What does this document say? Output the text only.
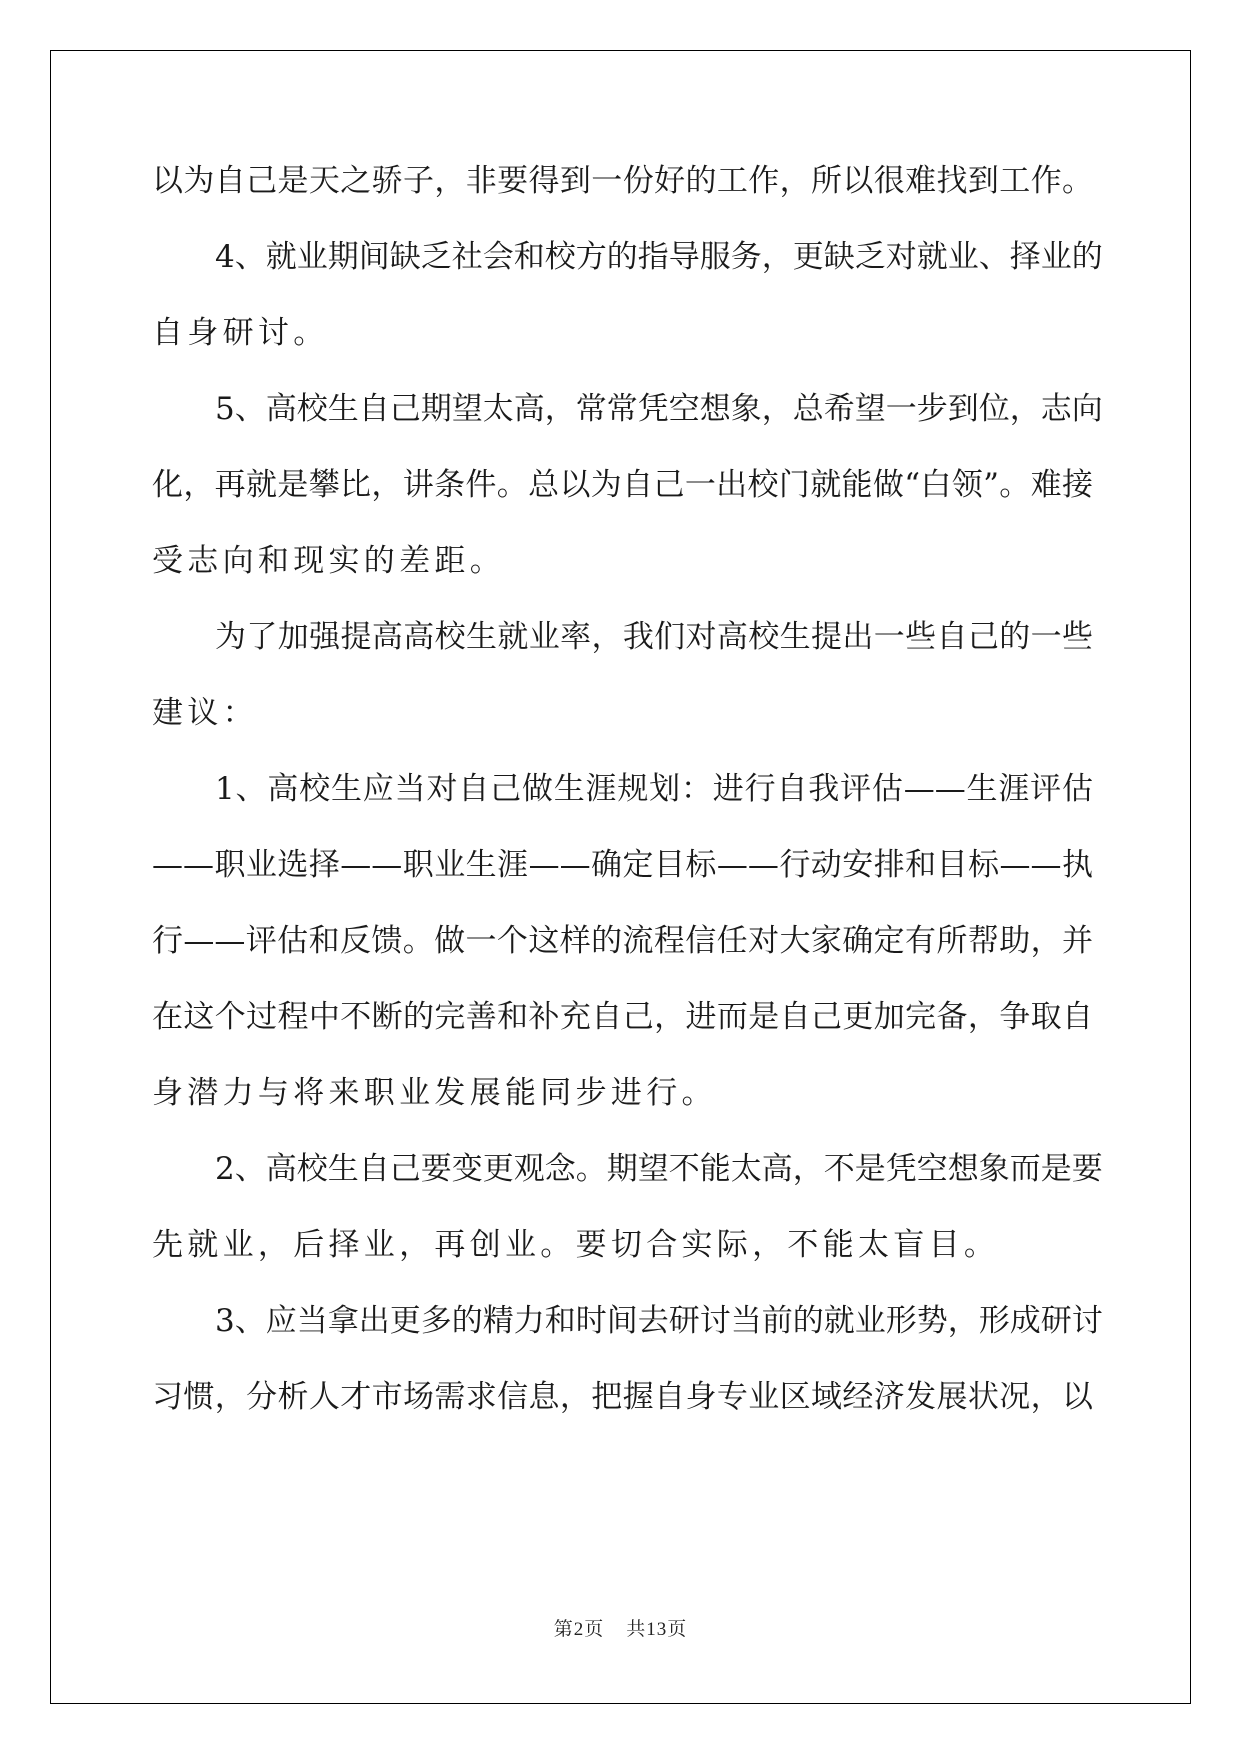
以为自己是天之骄子，非要得到一份好的工作，所以很难找到工作。
4、就业期间缺乏社会和校方的指导服务，更缺乏对就业、择业的
自身研讨。
5、高校生自己期望太高，常常凭空想象，总希望一步到位，志向
化，再就是攀比，讲条件。总以为自己一出校门就能做“白领”。难接
受志向和现实的差距。
为了加强提高高校生就业率，我们对高校生提出一些自己的一些
建议：
1、高校生应当对自己做生涯规划：进行自我评估——生涯评估
——职业选择——职业生涯——确定目标——行动安排和目标——执
行——评估和反馈。做一个这样的流程信任对大家确定有所帮助，并
在这个过程中不断的完善和补充自己，进而是自己更加完备，争取自
身潜力与将来职业发展能同步进行。
2、高校生自己要变更观念。期望不能太高，不是凭空想象而是要
先就业，后择业，再创业。要切合实际，不能太盲目。
3、应当拿出更多的精力和时间去研讨当前的就业形势，形成研讨
习惯，分析人才市场需求信息，把握自身专业区域经济发展状况，以
第2页 共13页
